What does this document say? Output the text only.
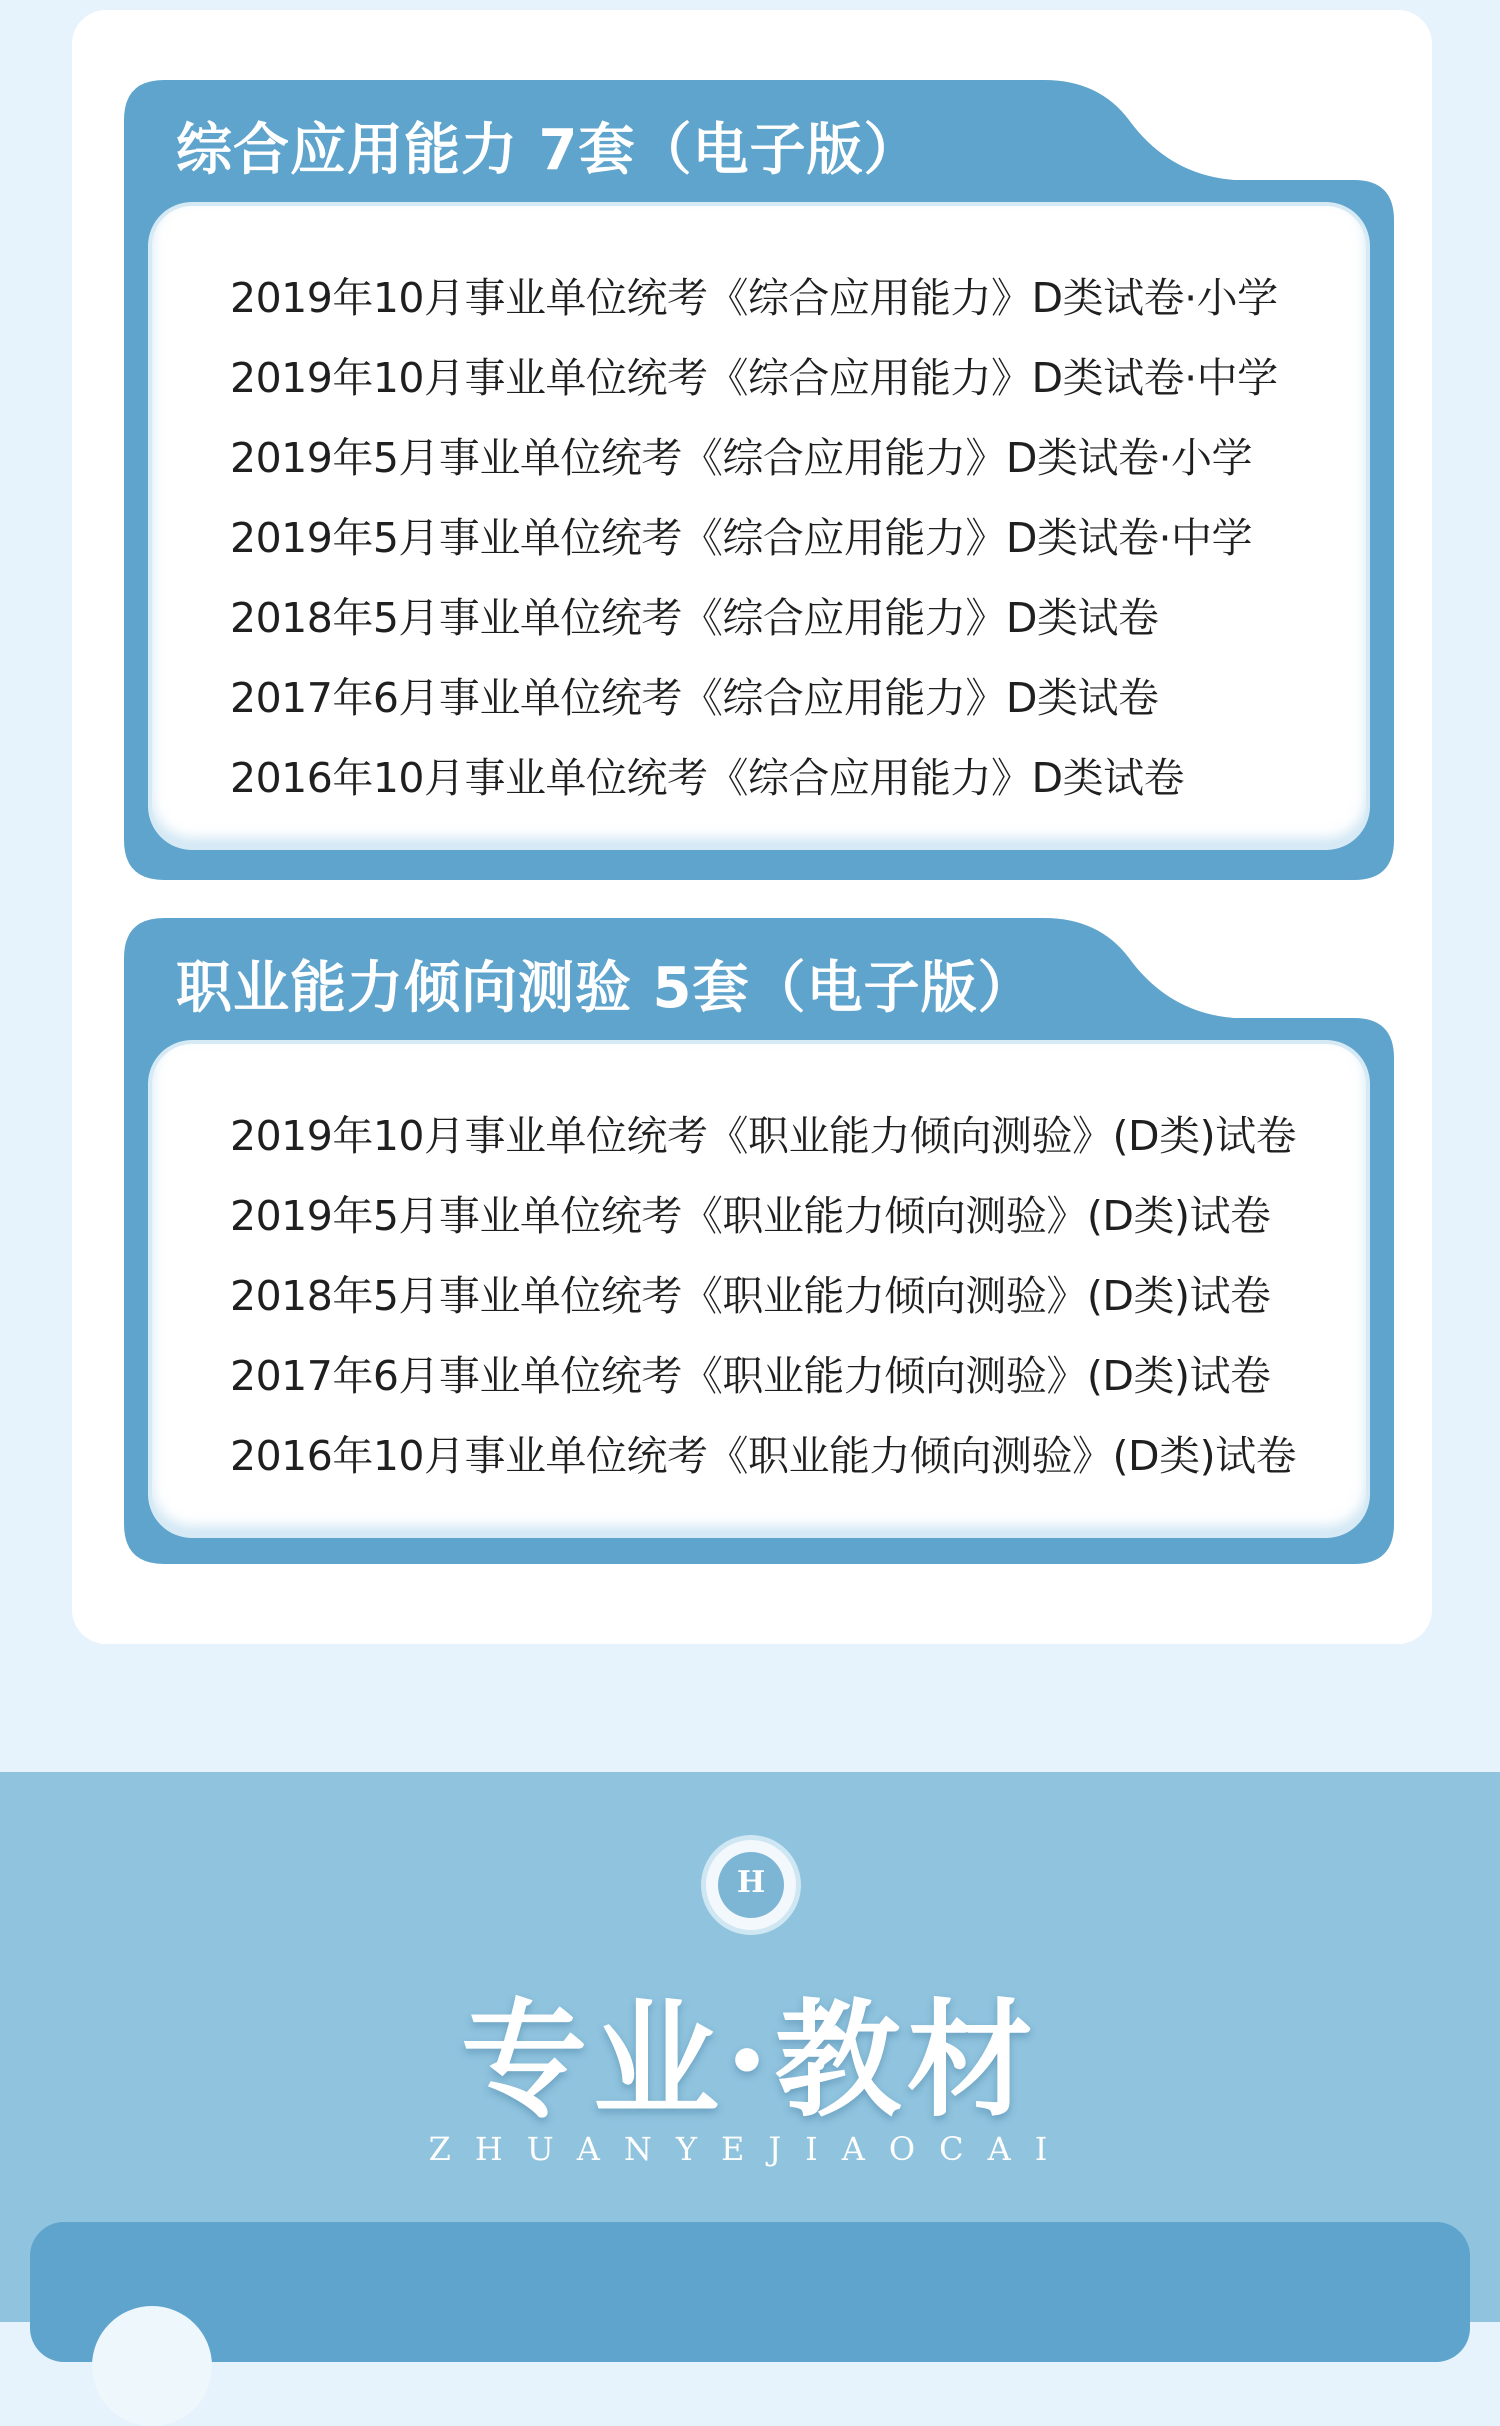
综合应用能力 7套（电子版）
2019年10月事业单位统考《综合应用能力》D类试卷·小学
2019年10月事业单位统考《综合应用能力》D类试卷·中学
2019年5月事业单位统考《综合应用能力》D类试卷·小学
2019年5月事业单位统考《综合应用能力》D类试卷·中学
2018年5月事业单位统考《综合应用能力》D类试卷
2017年6月事业单位统考《综合应用能力》D类试卷
2016年10月事业单位统考《综合应用能力》D类试卷
职业能力倾向测验 5套（电子版）
2019年10月事业单位统考《职业能力倾向测验》(D类)试卷
2019年5月事业单位统考《职业能力倾向测验》(D类)试卷
2018年5月事业单位统考《职业能力倾向测验》(D类)试卷
2017年6月事业单位统考《职业能力倾向测验》(D类)试卷
2016年10月事业单位统考《职业能力倾向测验》(D类)试卷
H
专业·教材
ZHUANYEJIAOCAI
